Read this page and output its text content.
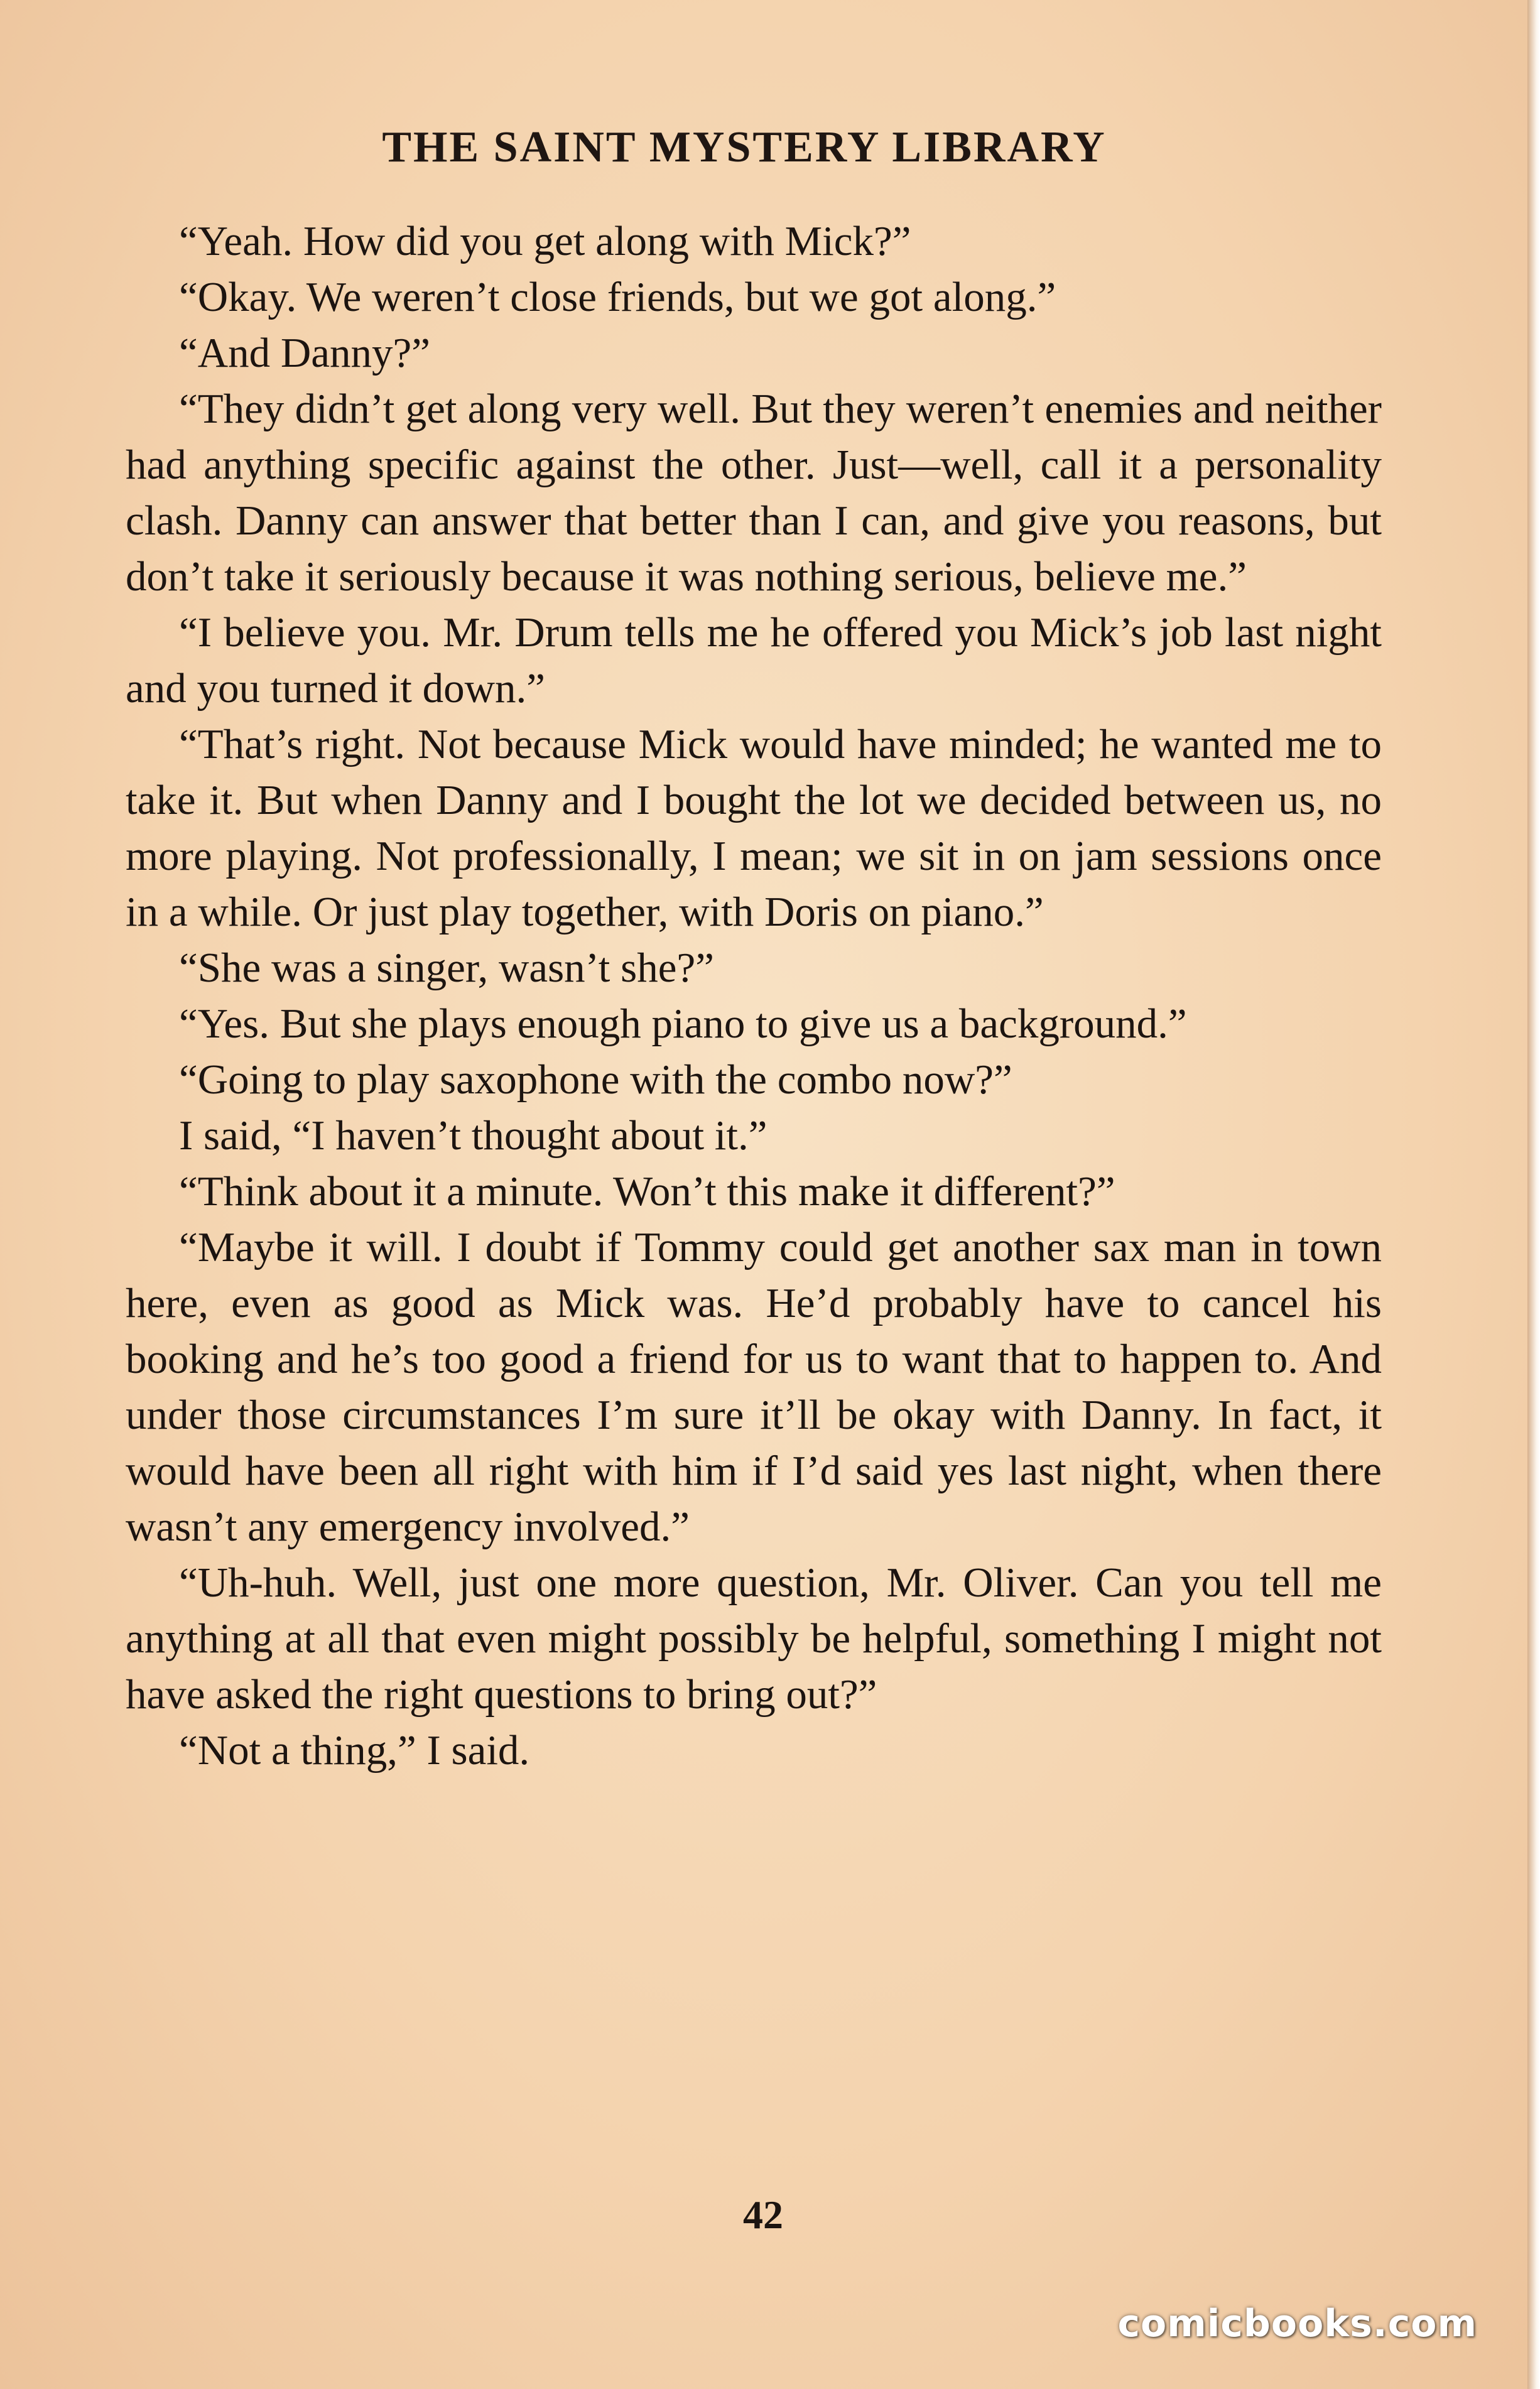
THE SAINT MYSTERY LIBRARY

“Yeah. How did you get along with Mick?”

“Okay. We weren’t close friends, but we got along.”

“And Danny?”

“They didn’t get along very well. But they weren’t enemies and neither had anything specific against the other. Just—well, call it a personality clash. Danny can answer that better than I can, and give you reasons, but don’t take it seriously because it was nothing serious, believe me.”

“I believe you. Mr. Drum tells me he offered you Mick’s job last night and you turned it down.”

“That’s right. Not because Mick would have minded; he wanted me to take it. But when Danny and I bought the lot we decided between us, no more playing. Not professionally, I mean; we sit in on jam sessions once in a while. Or just play together, with Doris on piano.”

“She was a singer, wasn’t she?”

“Yes. But she plays enough piano to give us a background.”

“Going to play saxophone with the combo now?”

I said, “I haven’t thought about it.”

“Think about it a minute. Won’t this make it different?”

“Maybe it will. I doubt if Tommy could get another sax man in town here, even as good as Mick was. He’d probably have to cancel his booking and he’s too good a friend for us to want that to happen to. And under those circumstances I’m sure it’ll be okay with Danny. In fact, it would have been all right with him if I’d said yes last night, when there wasn’t any emergency involved.”

“Uh-huh. Well, just one more question, Mr. Oliver. Can you tell me anything at all that even might possibly be helpful, something I might not have asked the right questions to bring out?”

“Not a thing,” I said.

42
comicbooks.com
